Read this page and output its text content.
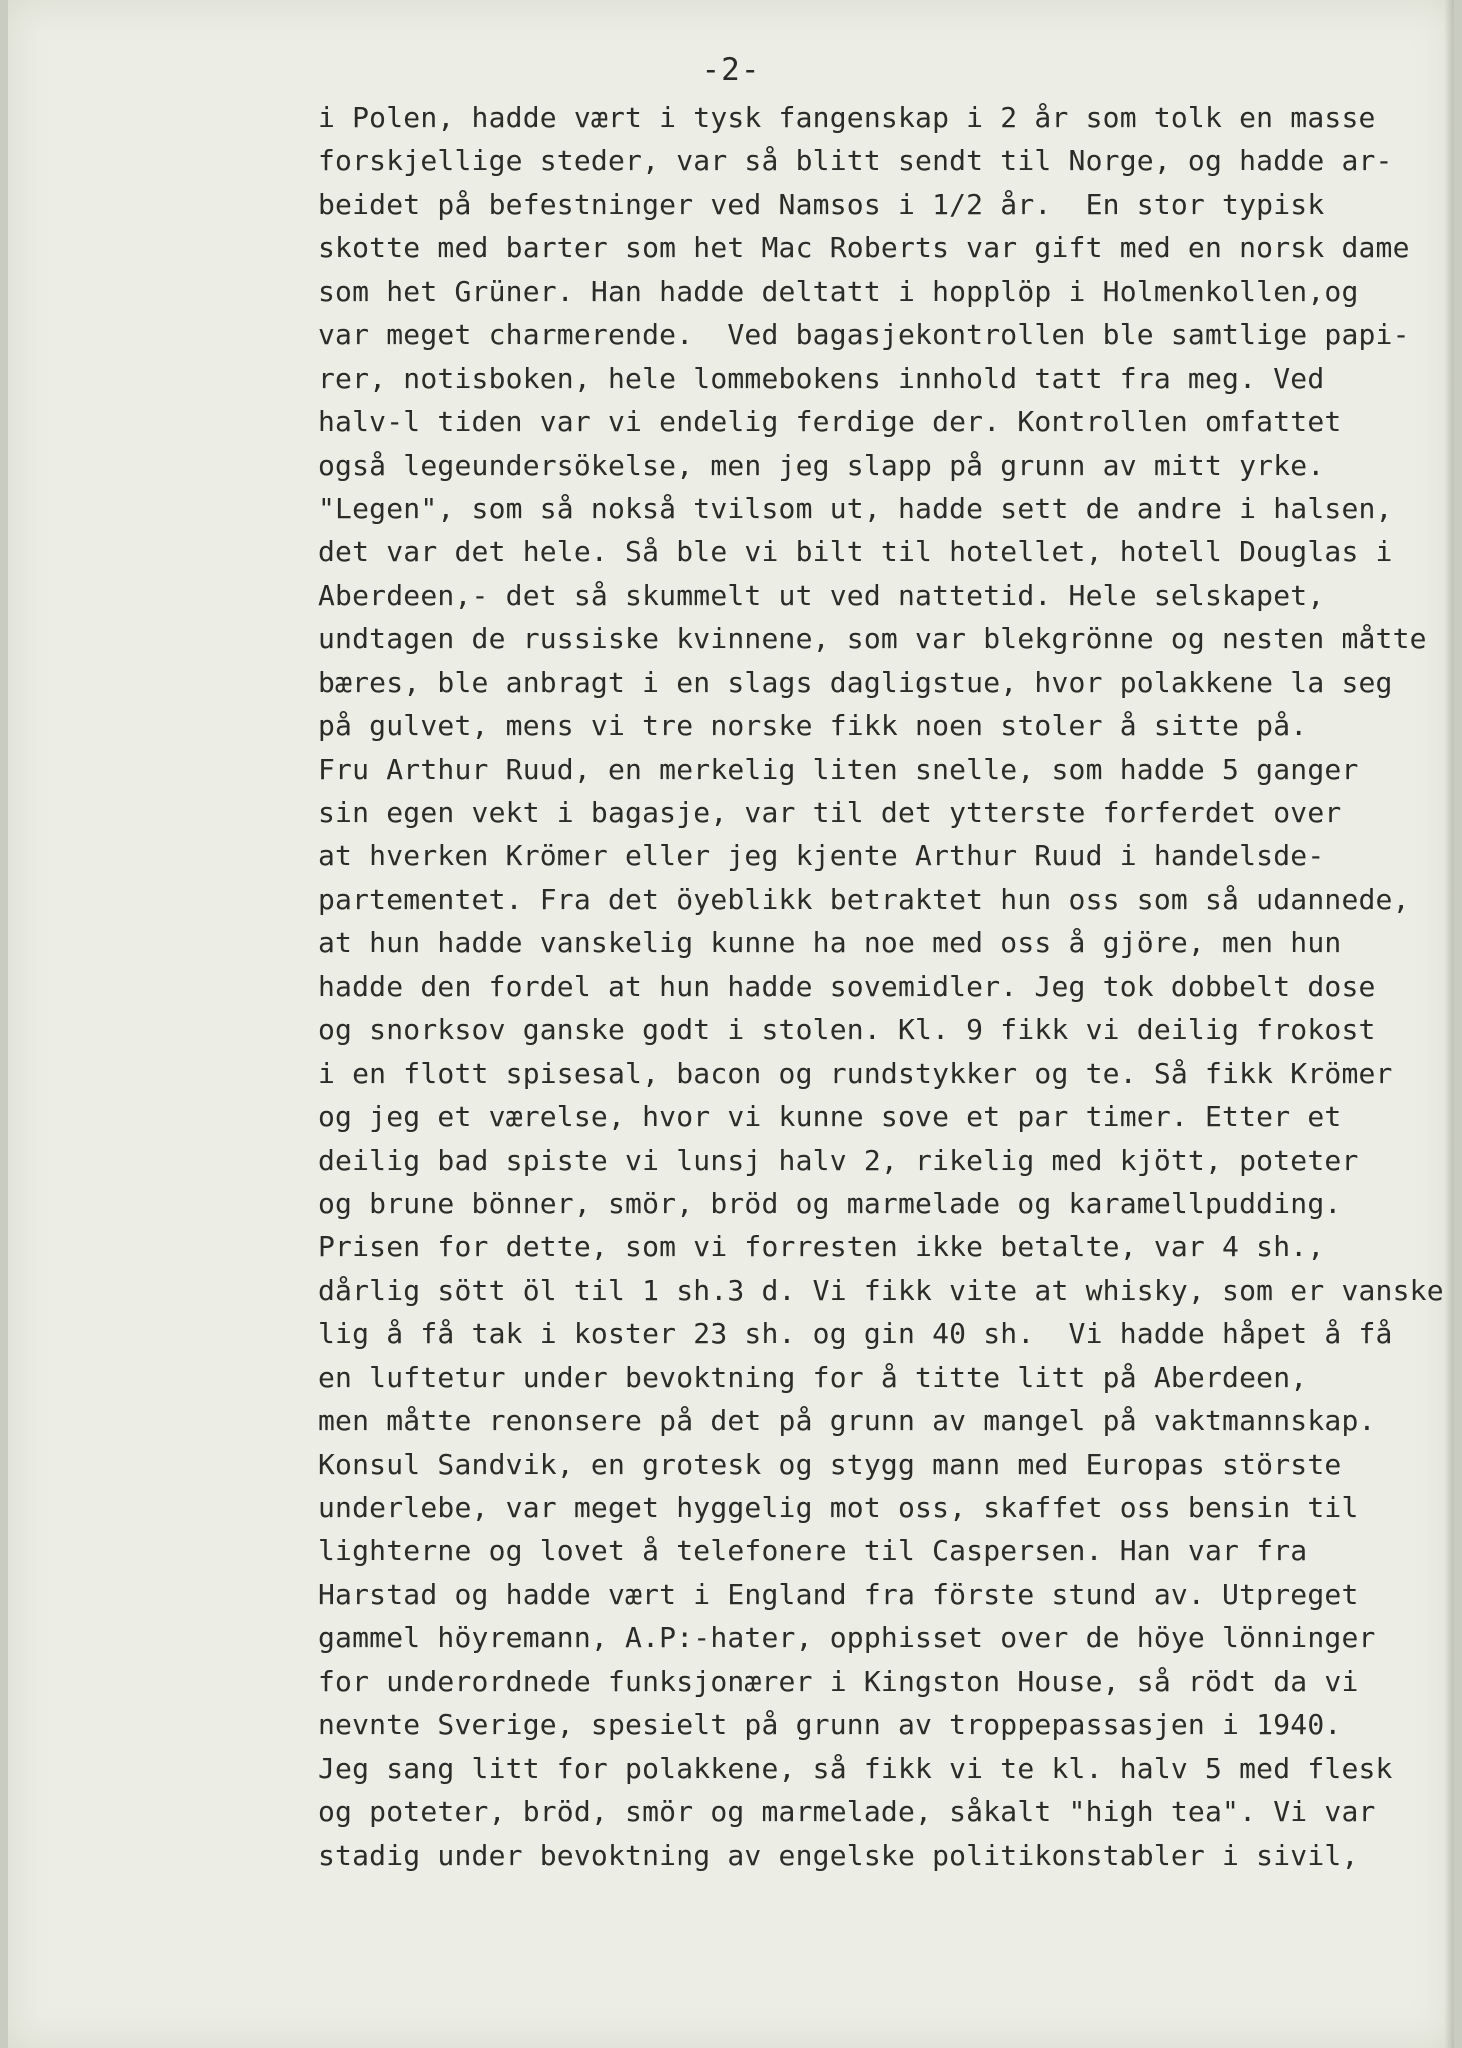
-2-
i Polen, hadde vært i tysk fangenskap i 2 år som tolk en masse
forskjellige steder, var så blitt sendt til Norge, og hadde ar-
beidet på befestninger ved Namsos i 1/2 år.  En stor typisk
skotte med barter som het Mac Roberts var gift med en norsk dame
som het Grüner. Han hadde deltatt i hopplöp i Holmenkollen,og
var meget charmerende.  Ved bagasjekontrollen ble samtlige papi-
rer, notisboken, hele lommebokens innhold tatt fra meg. Ved
halv-l tiden var vi endelig ferdige der. Kontrollen omfattet
også legeundersökelse, men jeg slapp på grunn av mitt yrke.
"Legen", som så nokså tvilsom ut, hadde sett de andre i halsen,
det var det hele. Så ble vi bilt til hotellet, hotell Douglas i
Aberdeen,- det så skummelt ut ved nattetid. Hele selskapet,
undtagen de russiske kvinnene, som var blekgrönne og nesten måtte
bæres, ble anbragt i en slags dagligstue, hvor polakkene la seg
på gulvet, mens vi tre norske fikk noen stoler å sitte på.
Fru Arthur Ruud, en merkelig liten snelle, som hadde 5 ganger
sin egen vekt i bagasje, var til det ytterste forferdet over
at hverken Krömer eller jeg kjente Arthur Ruud i handelsde-
partementet. Fra det öyeblikk betraktet hun oss som så udannede,
at hun hadde vanskelig kunne ha noe med oss å gjöre, men hun
hadde den fordel at hun hadde sovemidler. Jeg tok dobbelt dose
og snorksov ganske godt i stolen. Kl. 9 fikk vi deilig frokost
i en flott spisesal, bacon og rundstykker og te. Så fikk Krömer
og jeg et værelse, hvor vi kunne sove et par timer. Etter et
deilig bad spiste vi lunsj halv 2, rikelig med kjött, poteter
og brune bönner, smör, bröd og marmelade og karamellpudding.
Prisen for dette, som vi forresten ikke betalte, var 4 sh.,
dårlig sött öl til 1 sh.3 d. Vi fikk vite at whisky, som er vanske
lig å få tak i koster 23 sh. og gin 40 sh.  Vi hadde håpet å få
en luftetur under bevoktning for å titte litt på Aberdeen,
men måtte renonsere på det på grunn av mangel på vaktmannskap.
Konsul Sandvik, en grotesk og stygg mann med Europas störste
underlebe, var meget hyggelig mot oss, skaffet oss bensin til
lighterne og lovet å telefonere til Caspersen. Han var fra
Harstad og hadde vært i England fra förste stund av. Utpreget
gammel höyremann, A.P:-hater, opphisset over de höye lönninger
for underordnede funksjonærer i Kingston House, så rödt da vi
nevnte Sverige, spesielt på grunn av troppepassasjen i 1940.
Jeg sang litt for polakkene, så fikk vi te kl. halv 5 med flesk
og poteter, bröd, smör og marmelade, såkalt "high tea". Vi var
stadig under bevoktning av engelske politikonstabler i sivil,
